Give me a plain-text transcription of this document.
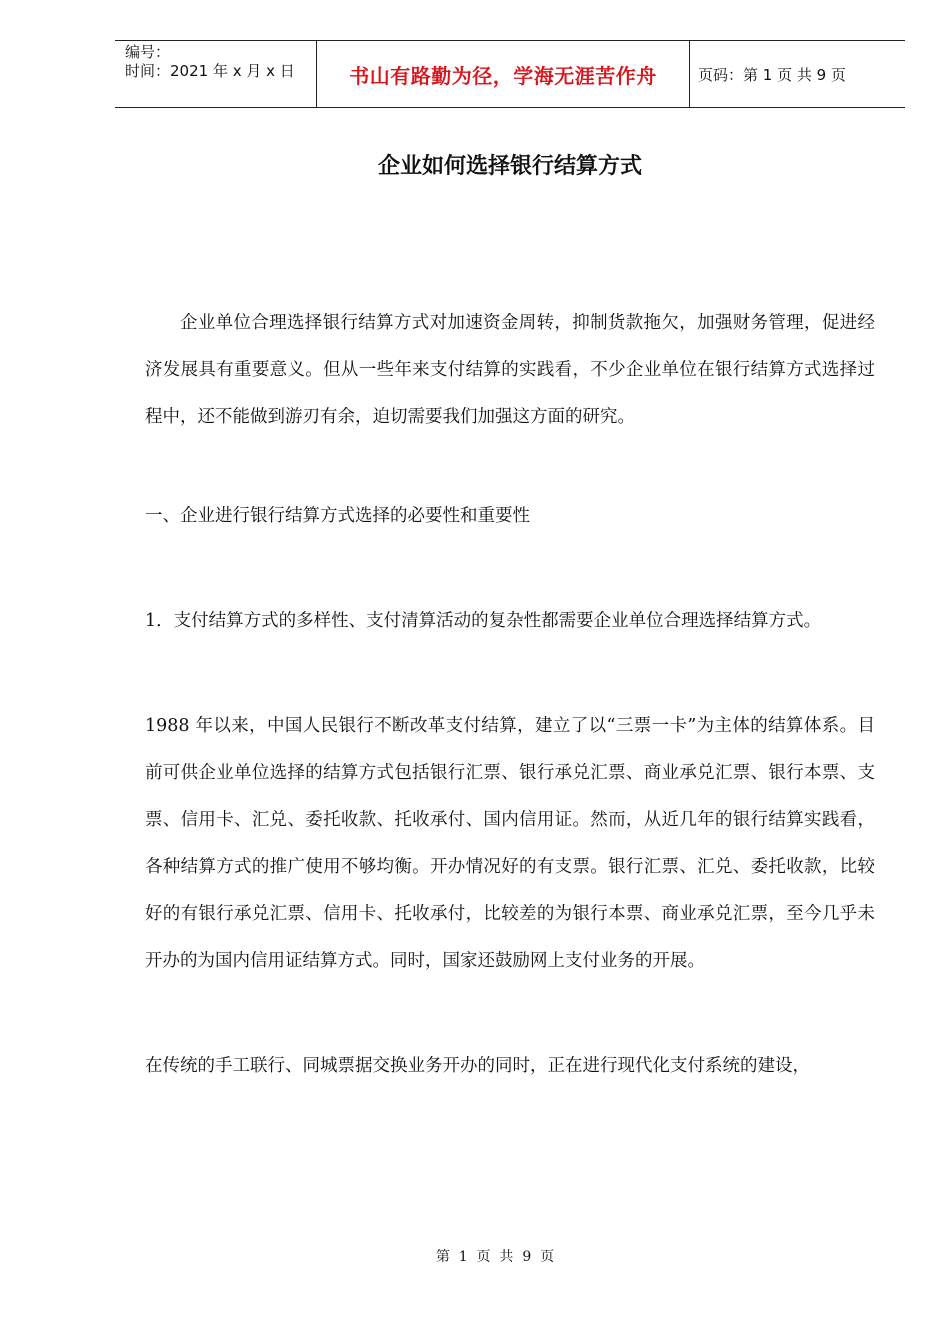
编号：
时间：2021 年 x 月 x 日	书山有路勤为径，学海无涯苦作舟	页码：第 1 页 共 9 页
企业如何选择银行结算方式

企业单位合理选择银行结算方式对加速资金周转，抑制货款拖欠，加强财务管理，促进经济发展具有重要意义。但从一些年来支付结算的实践看，不少企业单位在银行结算方式选择过程中，还不能做到游刃有余，迫切需要我们加强这方面的研究。

一、企业进行银行结算方式选择的必要性和重要性

1．支付结算方式的多样性、支付清算活动的复杂性都需要企业单位合理选择结算方式。

1988 年以来，中国人民银行不断改革支付结算，建立了以“三票一卡”为主体的结算体系。目前可供企业单位选择的结算方式包括银行汇票、银行承兑汇票、商业承兑汇票、银行本票、支票、信用卡、汇兑、委托收款、托收承付、国内信用证。然而，从近几年的银行结算实践看，各种结算方式的推广使用不够均衡。开办情况好的有支票。银行汇票、汇兑、委托收款，比较好的有银行承兑汇票、信用卡、托收承付，比较差的为银行本票、商业承兑汇票，至今几乎未开办的为国内信用证结算方式。同时，国家还鼓励网上支付业务的开展。

在传统的手工联行、同城票据交换业务开办的同时，正在进行现代化支付系统的建设，

第  1  页  共  9  页
